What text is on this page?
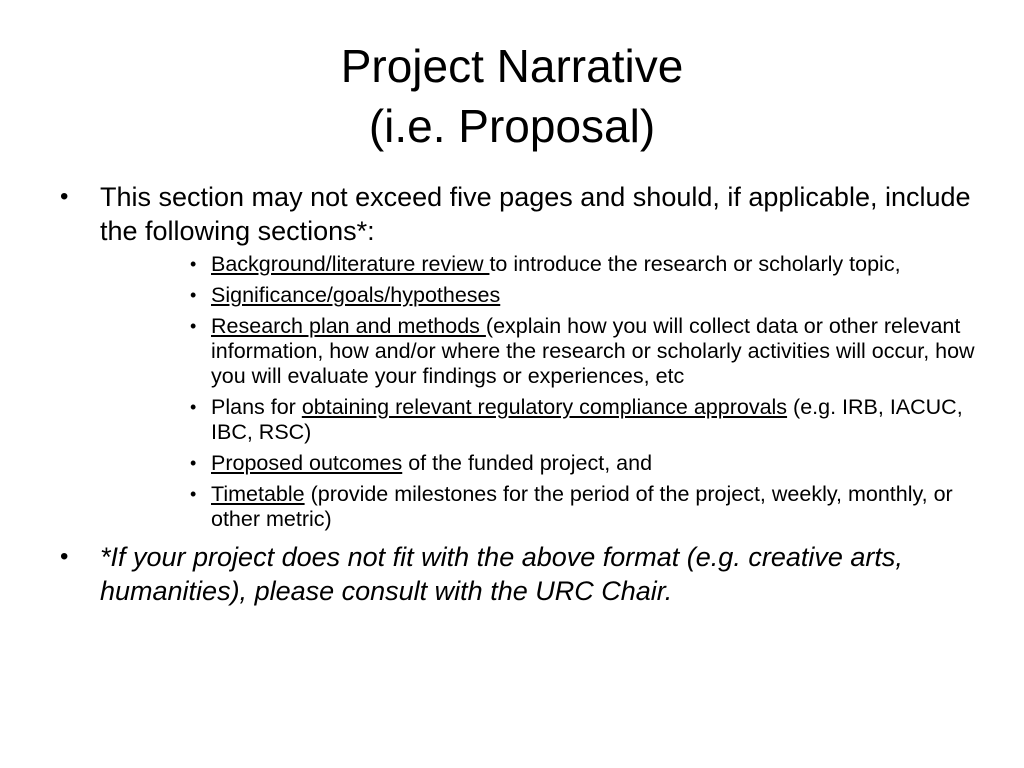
Project Narrative
(i.e. Proposal)
• This section may not exceed five pages and should, if applicable, include the following sections*:
• Background/literature review to introduce the research or scholarly topic,
• Significance/goals/hypotheses
• Research plan and methods (explain how you will collect data or other relevant information, how and/or where the research or scholarly activities will occur, how you will evaluate your findings or experiences, etc
• Plans for obtaining relevant regulatory compliance approvals (e.g. IRB, IACUC, IBC, RSC)
• Proposed outcomes of the funded project, and
• Timetable (provide milestones for the period of the project, weekly, monthly, or other metric)
• *If your project does not fit with the above format (e.g. creative arts, humanities), please consult with the URC Chair.
